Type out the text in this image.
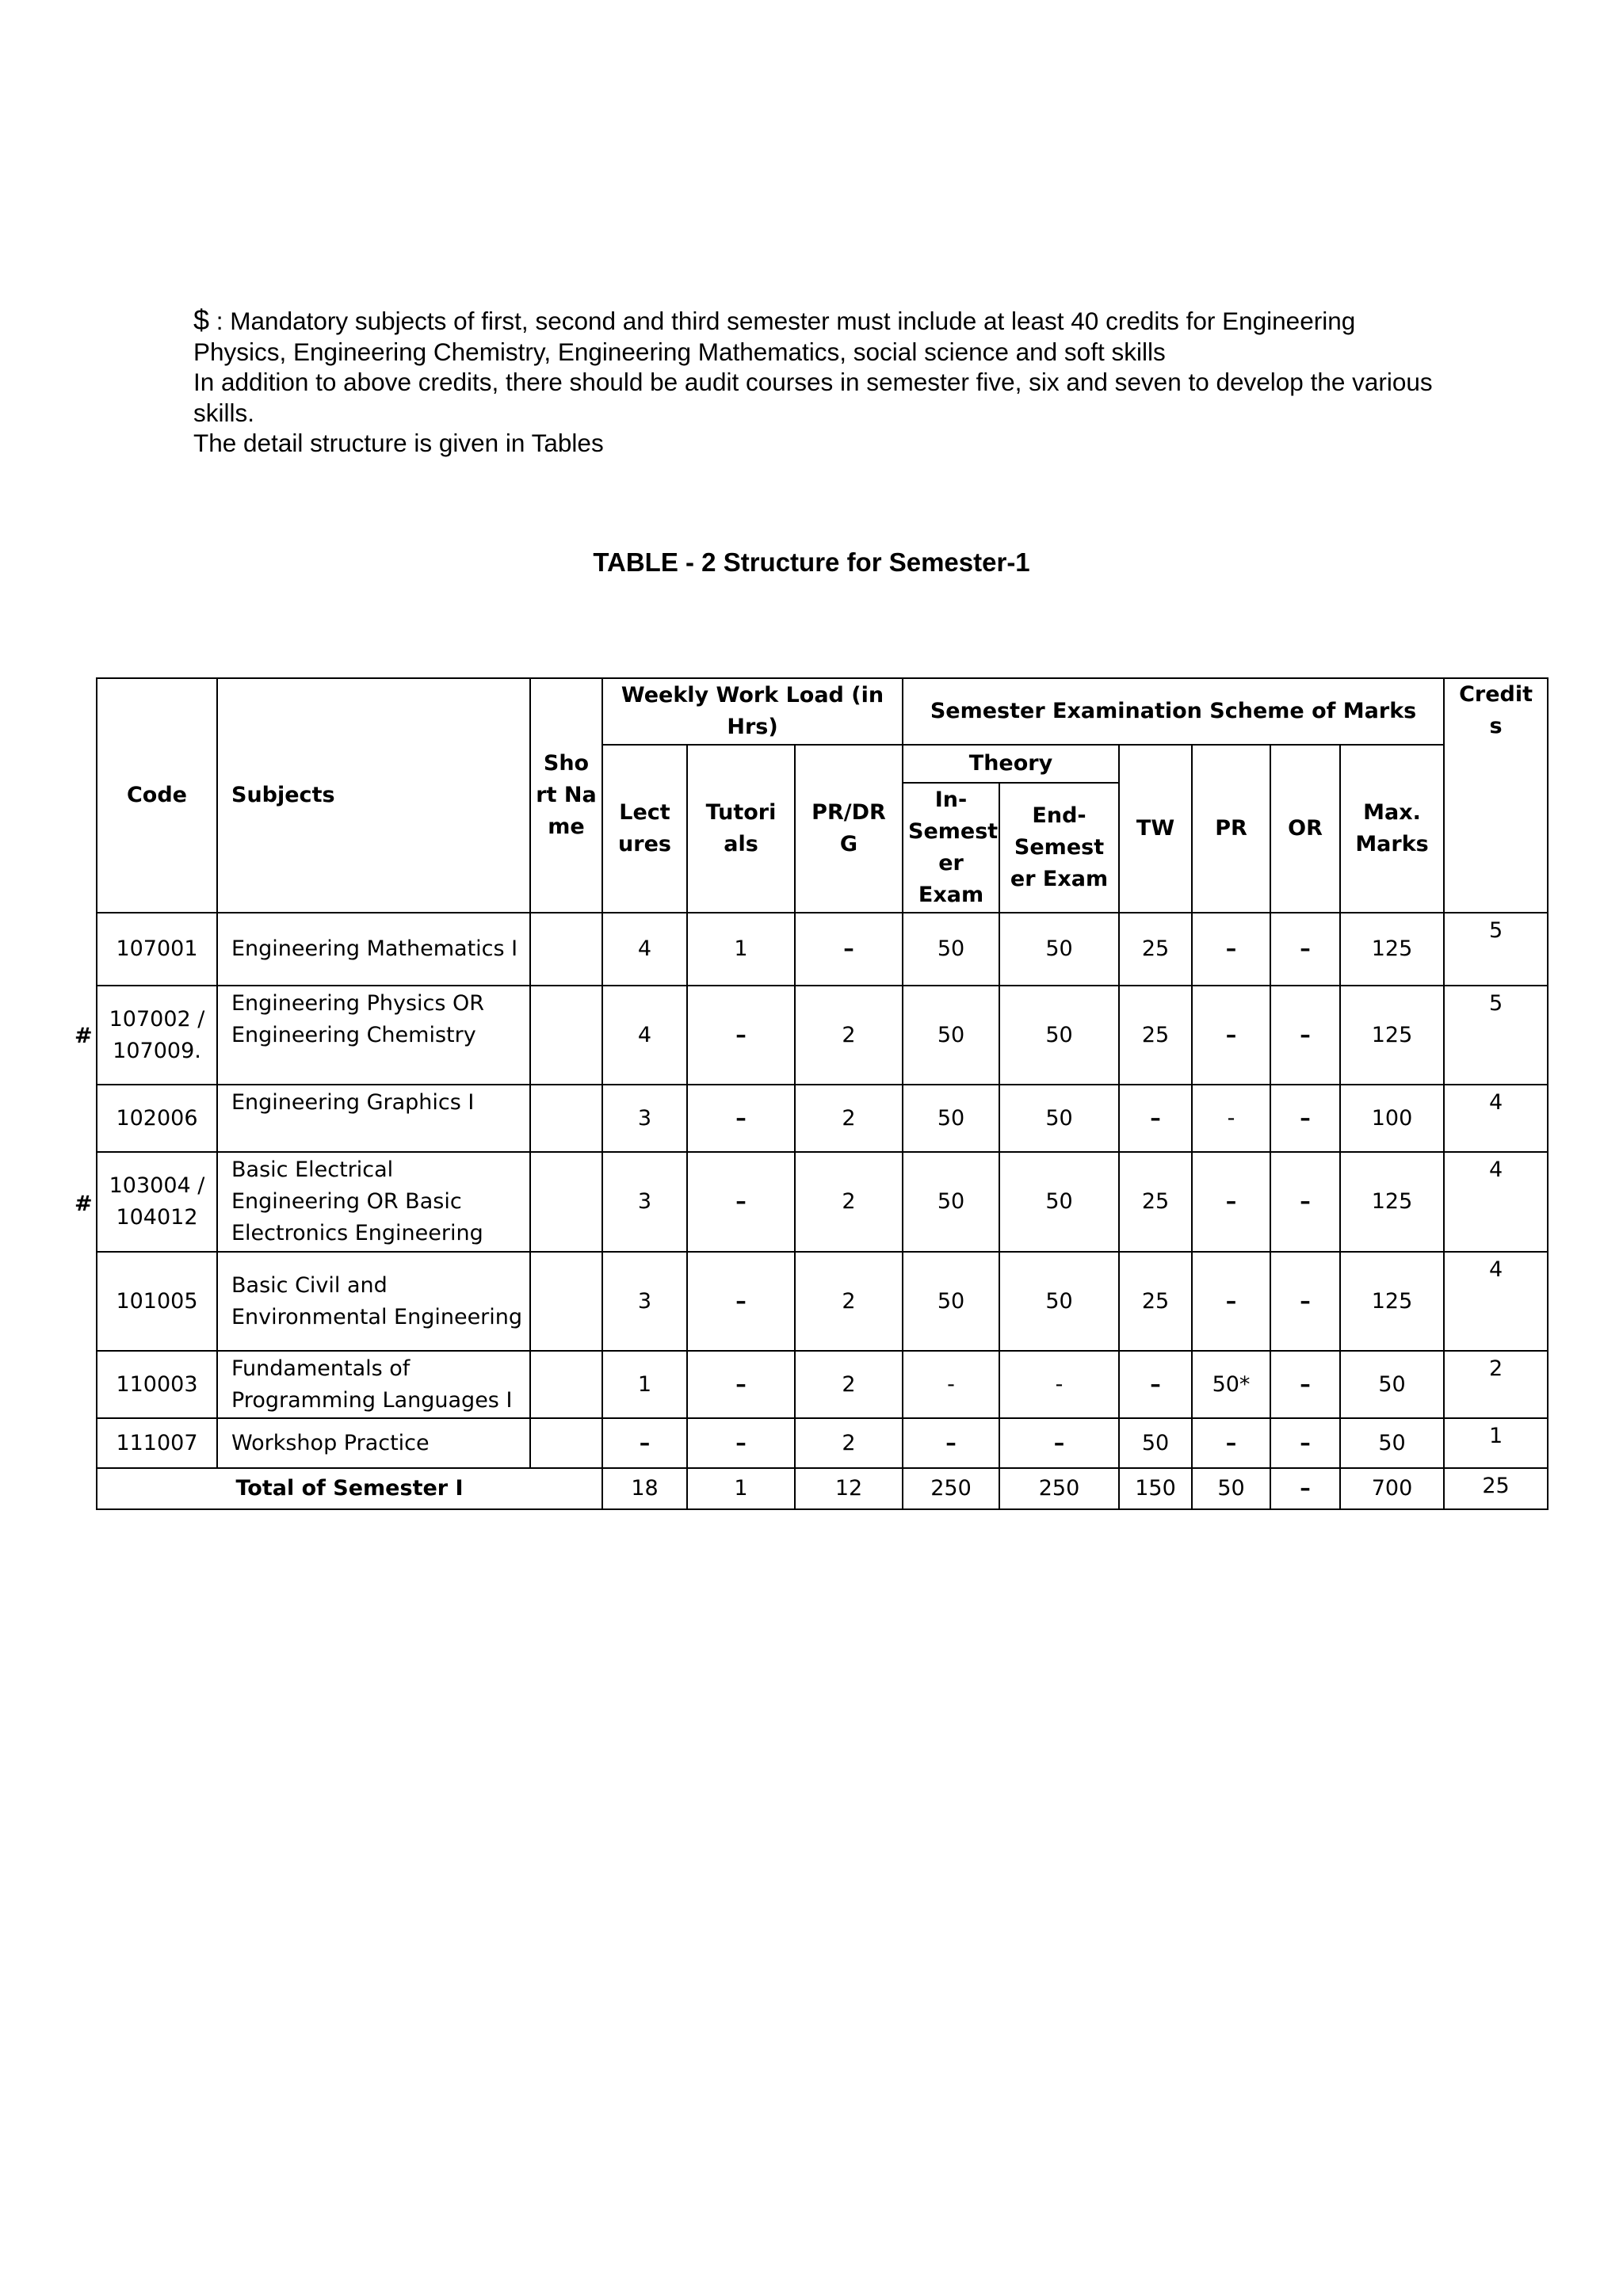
$ : Mandatory subjects of first, second and third semester must include at least 40 credits for Engineering Physics, Engineering Chemistry, Engineering Mathematics, social science and soft skills

In addition to above credits, there should be audit courses in semester five, six and seven to develop the various skills.

The detail structure is given in Tables

TABLE - 2 Structure for Semester-1
#
#
Code	Subjects	Sho rt Na me	Weekly Work Load (in Hrs)			Semester Examination Scheme of Marks						Credit s
			Lect ures	Tutori als	PR/DR G	Theory		TW	PR	OR	Max. Marks	
						In- Semest er Exam	End- Semest er Exam					
107001	Engineering Mathematics I		4	1	–	50	50	25	–	–	125	5
107002 / 107009.	Engineering Physics OR Engineering Chemistry		4	–	2	50	50	25	–	–	125	5
102006	Engineering Graphics I		3	–	2	50	50	–	-	–	100	4
103004 / 104012	Basic Electrical Engineering OR Basic Electronics Engineering		3	–	2	50	50	25	–	–	125	4
101005	Basic Civil and Environmental Engineering		3	–	2	50	50	25	–	–	125	4
110003	Fundamentals of Programming Languages I		1	–	2	-	-	–	50*	–	50	2
111007	Workshop Practice		–	–	2	–	–	50	–	–	50	1
Total of Semester I			18	1	12	250	250	150	50	–	700	25
